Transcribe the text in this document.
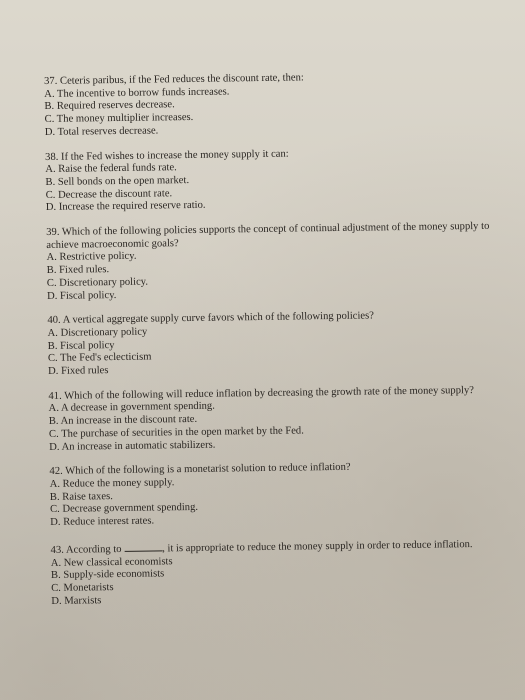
37. Ceteris paribus, if the Fed reduces the discount rate, then:
A. The incentive to borrow funds increases.
B. Required reserves decrease.
C. The money multiplier increases.
D. Total reserves decrease.
38. If the Fed wishes to increase the money supply it can:
A. Raise the federal funds rate.
B. Sell bonds on the open market.
C. Decrease the discount rate.
D. Increase the required reserve ratio.
39. Which of the following policies supports the concept of continual adjustment of the money supply to achieve macroeconomic goals?
A. Restrictive policy.
B. Fixed rules.
C. Discretionary policy.
D. Fiscal policy.
40. A vertical aggregate supply curve favors which of the following policies?
A. Discretionary policy
B. Fiscal policy
C. The Fed's eclecticism
D. Fixed rules
41. Which of the following will reduce inflation by decreasing the growth rate of the money supply?
A. A decrease in government spending.
B. An increase in the discount rate.
C. The purchase of securities in the open market by the Fed.
D. An increase in automatic stabilizers.
42. Which of the following is a monetarist solution to reduce inflation?
A. Reduce the money supply.
B. Raise taxes.
C. Decrease government spending.
D. Reduce interest rates.
43. According to	, it is appropriate to reduce the money supply in order to reduce inflation.
A. New classical economists
B. Supply-side economists
C. Monetarists
D. Marxists
